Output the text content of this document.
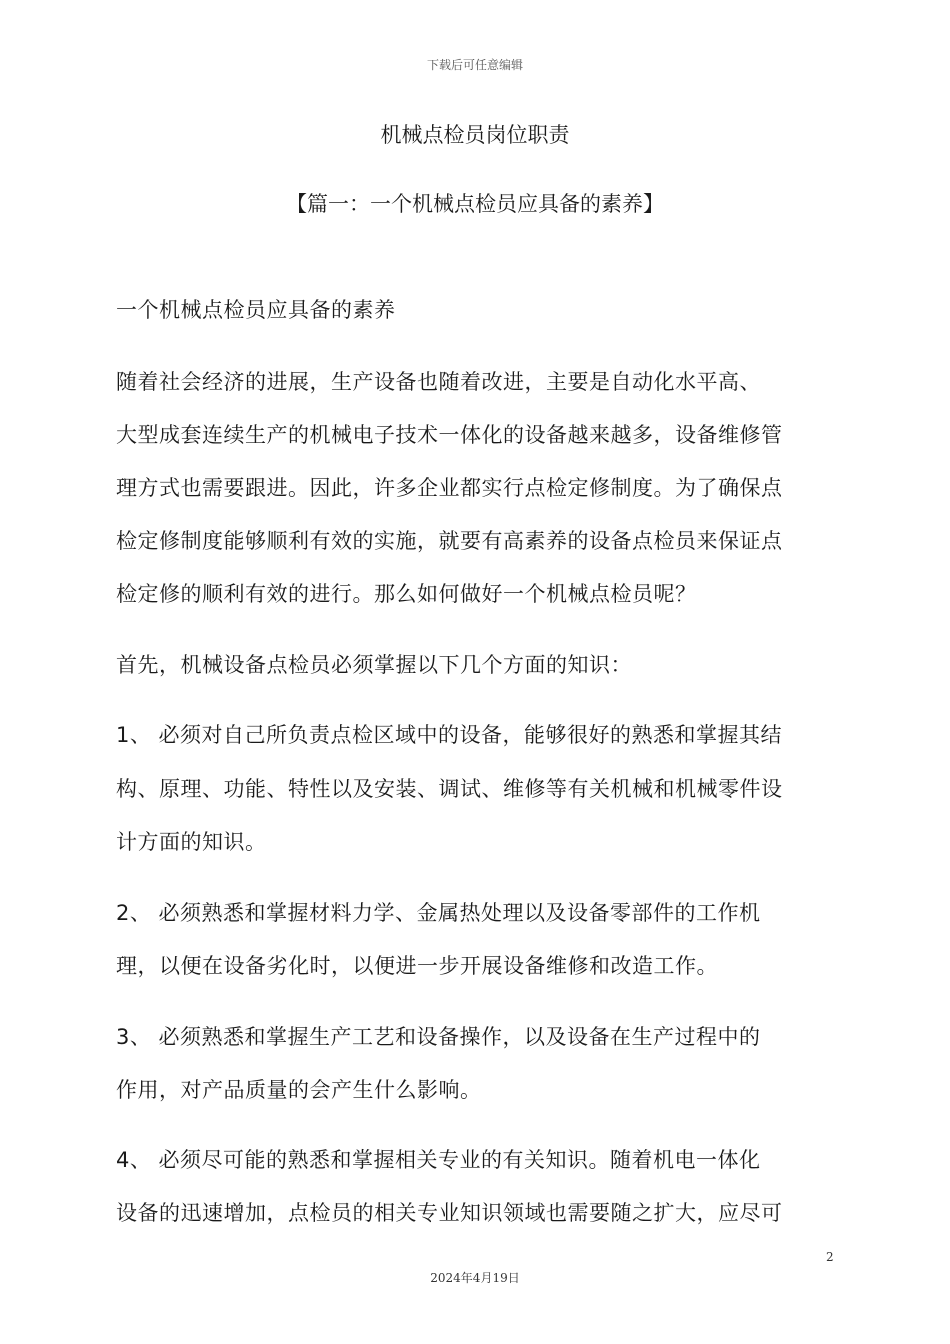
下载后可任意编辑
机械点检员岗位职责
【篇一：一个机械点检员应具备的素养】
一个机械点检员应具备的素养
随着社会经济的进展，生产设备也随着改进，主要是自动化水平高、
大型成套连续生产的机械电子技术一体化的设备越来越多，设备维修管
理方式也需要跟进。因此，许多企业都实行点检定修制度。为了确保点
检定修制度能够顺利有效的实施，就要有高素养的设备点检员来保证点
检定修的顺利有效的进行。那么如何做好一个机械点检员呢？
首先，机械设备点检员必须掌握以下几个方面的知识：
1、 必须对自己所负责点检区域中的设备，能够很好的熟悉和掌握其结
构、原理、功能、特性以及安装、调试、维修等有关机械和机械零件设
计方面的知识。
2、 必须熟悉和掌握材料力学、金属热处理以及设备零部件的工作机
理，以便在设备劣化时，以便进一步开展设备维修和改造工作。
3、 必须熟悉和掌握生产工艺和设备操作，以及设备在生产过程中的
作用，对产品质量的会产生什么影响。
4、 必须尽可能的熟悉和掌握相关专业的有关知识。随着机电一体化
设备的迅速增加，点检员的相关专业知识领域也需要随之扩大，应尽可
2
2024年4月19日
